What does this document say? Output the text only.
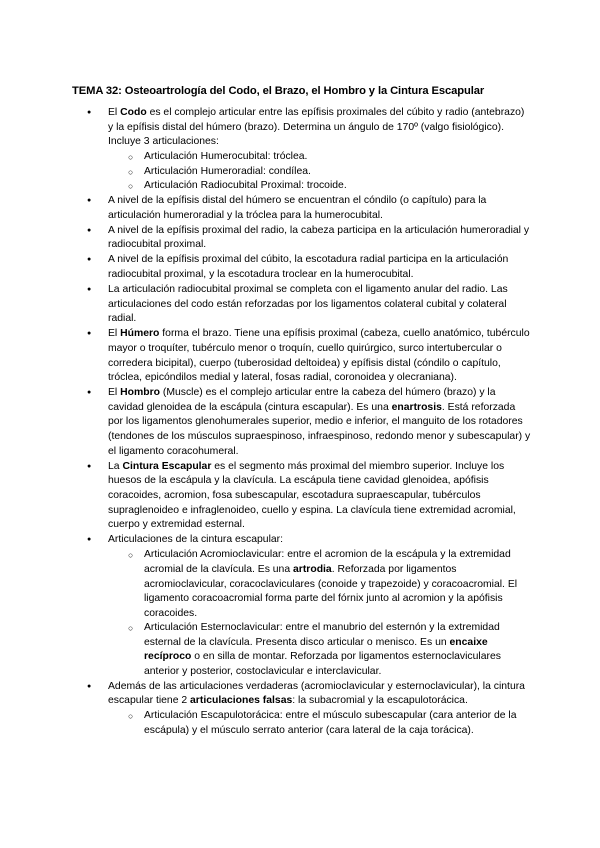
TEMA 32: Osteoartrología del Codo, el Brazo, el Hombro y la Cintura Escapular
● El Codo es el complejo articular entre las epífisis proximales del cúbito y radio (antebrazo) y la epífisis distal del húmero (brazo). Determina un ángulo de 170º (valgo fisiológico). Incluye 3 articulaciones:
○ Articulación Humerocubital: tróclea.
○ Articulación Humeroradial: condílea.
○ Articulación Radiocubital Proximal: trocoide.
● A nivel de la epífisis distal del húmero se encuentran el cóndilo (o capítulo) para la articulación humeroradial y la tróclea para la humerocubital.
● A nivel de la epífisis proximal del radio, la cabeza participa en la articulación humeroradial y radiocubital proximal.
● A nivel de la epífisis proximal del cúbito, la escotadura radial participa en la articulación radiocubital proximal, y la escotadura troclear en la humerocubital.
● La articulación radiocubital proximal se completa con el ligamento anular del radio. Las articulaciones del codo están reforzadas por los ligamentos colateral cubital y colateral radial.
● El Húmero forma el brazo. Tiene una epífisis proximal (cabeza, cuello anatómico, tubérculo mayor o troquíter, tubérculo menor o troquín, cuello quirúrgico, surco intertubercular o corredera bicipital), cuerpo (tuberosidad deltoidea) y epífisis distal (cóndilo o capítulo, tróclea, epicóndilos medial y lateral, fosas radial, coronoidea y olecraniana).
● El Hombro (Muscle) es el complejo articular entre la cabeza del húmero (brazo) y la cavidad glenoidea de la escápula (cintura escapular). Es una enartrosis. Está reforzada por los ligamentos glenohumerales superior, medio e inferior, el manguito de los rotadores (tendones de los músculos supraespinoso, infraespinoso, redondo menor y subescapular) y el ligamento coracohumeral.
● La Cintura Escapular es el segmento más proximal del miembro superior. Incluye los huesos de la escápula y la clavícula. La escápula tiene cavidad glenoidea, apófisis coracoides, acromion, fosa subescapular, escotadura supraescapular, tubérculos supraglenoideo e infraglenoideo, cuello y espina. La clavícula tiene extremidad acromial, cuerpo y extremidad esternal.
● Articulaciones de la cintura escapular:
○ Articulación Acromioclavicular: entre el acromion de la escápula y la extremidad acromial de la clavícula. Es una artrodia. Reforzada por ligamentos acromioclavicular, coracoclaviculares (conoide y trapezoide) y coracoacromial. El ligamento coracoacromial forma parte del fórnix junto al acromion y la apófisis coracoides.
○ Articulación Esternoclavicular: entre el manubrio del esternón y la extremidad esternal de la clavícula. Presenta disco articular o menisco. Es un encaixe recíproco o en silla de montar. Reforzada por ligamentos esternoclaviculares anterior y posterior, costoclavicular e interclavicular.
● Además de las articulaciones verdaderas (acromioclavicular y esternoclavicular), la cintura escapular tiene 2 articulaciones falsas: la subacromial y la escapulotorácica.
○ Articulación Escapulotorácica: entre el músculo subescapular (cara anterior de la escápula) y el músculo serrato anterior (cara lateral de la caja torácica).
